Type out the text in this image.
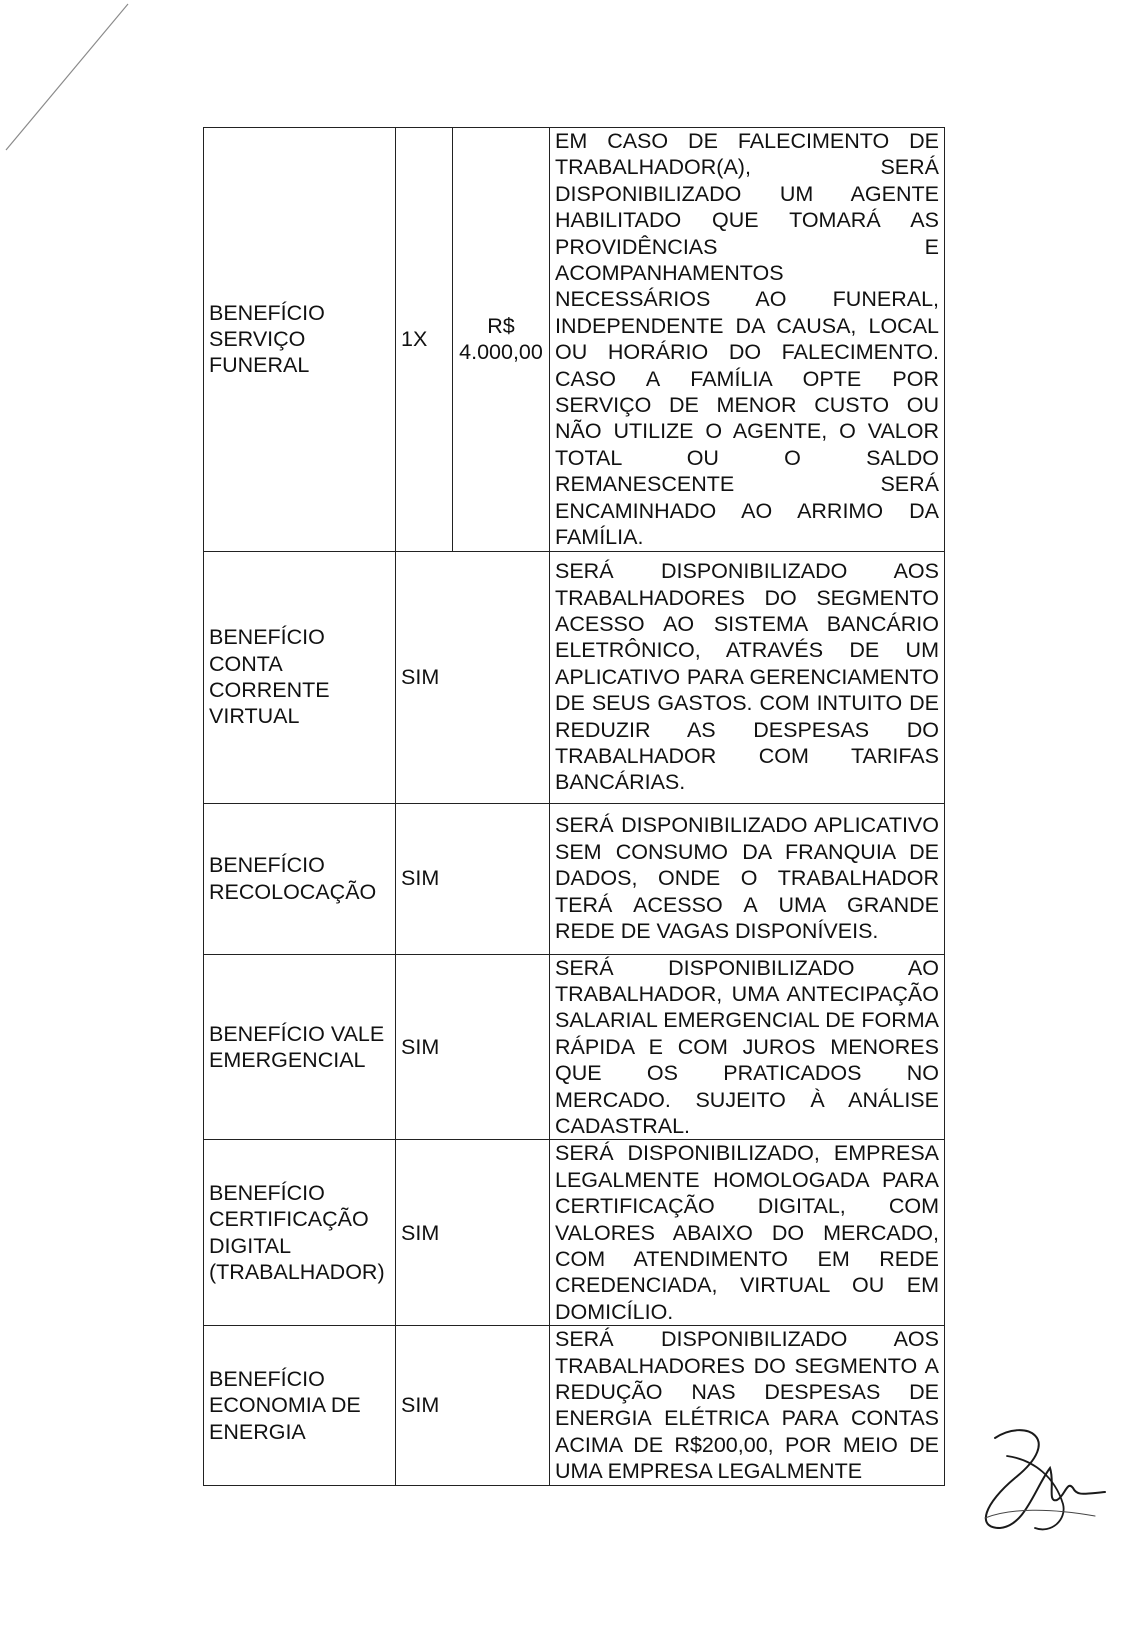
BENEFÍCIO SERVIÇO FUNERAL	1X	R$ 4.000,00	EM CASO DE FALECIMENTO DE TRABALHADOR(A), SERÁ DISPONIBILIZADO UM AGENTE HABILITADO QUE TOMARÁ AS PROVIDÊNCIAS E ACOMPANHAMENTOS NECESSÁRIOS AO FUNERAL, INDEPENDENTE DA CAUSA, LOCAL OU HORÁRIO DO FALECIMENTO. CASO A FAMÍLIA OPTE POR SERVIÇO DE MENOR CUSTO OU NÃO UTILIZE O AGENTE, O VALOR TOTAL OU O SALDO REMANESCENTE SERÁ ENCAMINHADO AO ARRIMO DA FAMÍLIA.
BENEFÍCIO CONTA CORRENTE VIRTUAL	SIM		SERÁ DISPONIBILIZADO AOS TRABALHADORES DO SEGMENTO ACESSO AO SISTEMA BANCÁRIO ELETRÔNICO, ATRAVÉS DE UM APLICATIVO PARA GERENCIAMENTO DE SEUS GASTOS. COM INTUITO DE REDUZIR AS DESPESAS DO TRABALHADOR COM TARIFAS BANCÁRIAS.
BENEFÍCIO RECOLOCAÇÃO	SIM		SERÁ DISPONIBILIZADO APLICATIVO SEM CONSUMO DA FRANQUIA DE DADOS, ONDE O TRABALHADOR TERÁ ACESSO A UMA GRANDE REDE DE VAGAS DISPONÍVEIS.
BENEFÍCIO VALE EMERGENCIAL	SIM		SERÁ DISPONIBILIZADO AO TRABALHADOR, UMA ANTECIPAÇÃO SALARIAL EMERGENCIAL DE FORMA RÁPIDA E COM JUROS MENORES QUE OS PRATICADOS NO MERCADO. SUJEITO À ANÁLISE CADASTRAL.
BENEFÍCIO CERTIFICAÇÃO DIGITAL (TRABALHADOR)	SIM		SERÁ DISPONIBILIZADO, EMPRESA LEGALMENTE HOMOLOGADA PARA CERTIFICAÇÃO DIGITAL, COM VALORES ABAIXO DO MERCADO, COM ATENDIMENTO EM REDE CREDENCIADA, VIRTUAL OU EM DOMICÍLIO.
BENEFÍCIO ECONOMIA DE ENERGIA	SIM		SERÁ DISPONIBILIZADO AOS TRABALHADORES DO SEGMENTO A REDUÇÃO NAS DESPESAS DE ENERGIA ELÉTRICA PARA CONTAS ACIMA DE R$200,00, POR MEIO DE UMA EMPRESA LEGALMENTE
